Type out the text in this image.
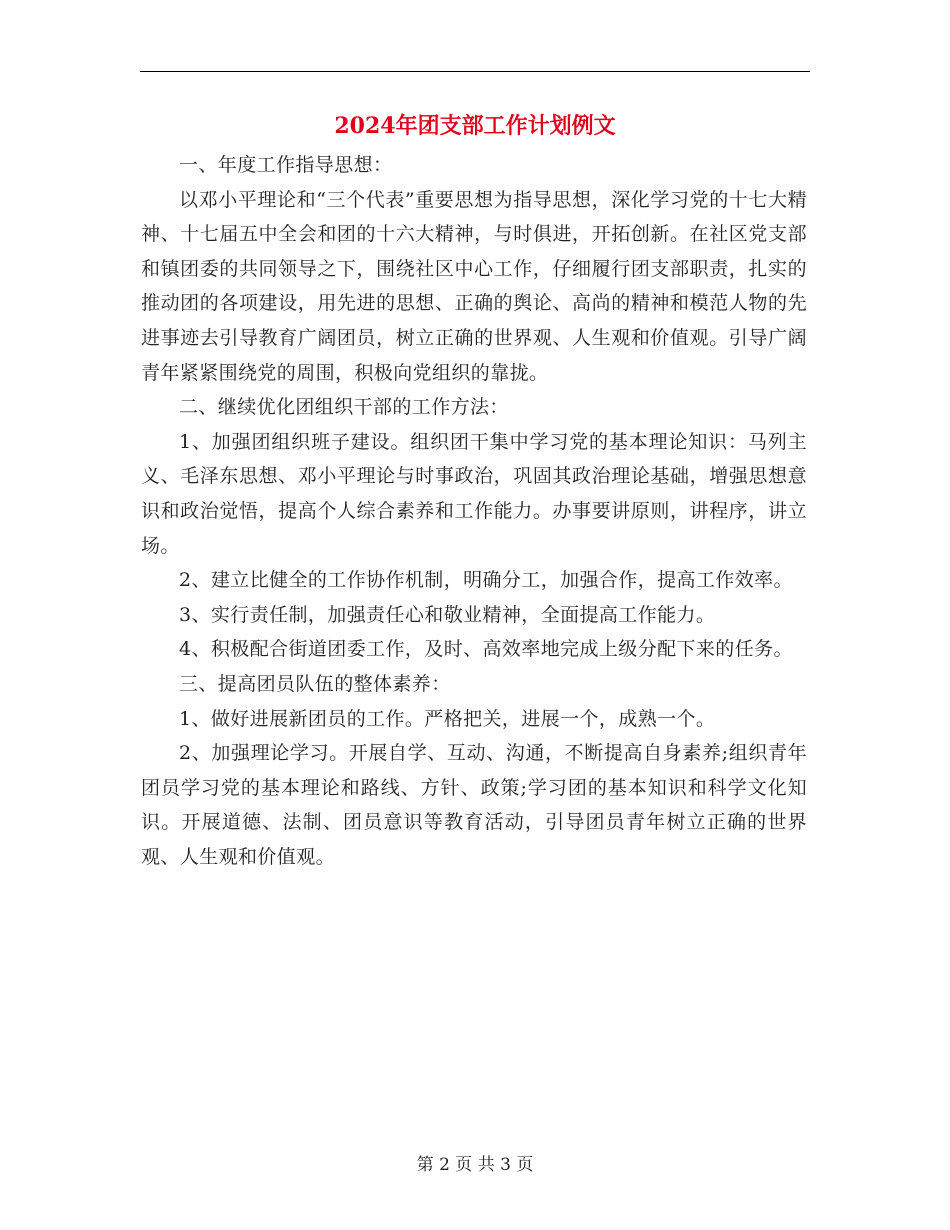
2024年团支部工作计划例文

一、年度工作指导思想：

以邓小平理论和“三个代表”重要思想为指导思想，深化学习党的十七大精神、十七届五中全会和团的十六大精神，与时俱进，开拓创新。在社区党支部和镇团委的共同领导之下，围绕社区中心工作，仔细履行团支部职责，扎实的推动团的各项建设，用先进的思想、正确的舆论、高尚的精神和模范人物的先进事迹去引导教育广阔团员，树立正确的世界观、人生观和价值观。引导广阔青年紧紧围绕党的周围，积极向党组织的靠拢。

二、继续优化团组织干部的工作方法：

1、加强团组织班子建设。组织团干集中学习党的基本理论知识：马列主义、毛泽东思想、邓小平理论与时事政治，巩固其政治理论基础，增强思想意识和政治觉悟，提高个人综合素养和工作能力。办事要讲原则，讲程序，讲立场。

2、建立比健全的工作协作机制，明确分工，加强合作，提高工作效率。

3、实行责任制，加强责任心和敬业精神，全面提高工作能力。

4、积极配合街道团委工作，及时、高效率地完成上级分配下来的任务。

三、提高团员队伍的整体素养：

1、做好进展新团员的工作。严格把关，进展一个，成熟一个。

2、加强理论学习。开展自学、互动、沟通，不断提高自身素养;组织青年团员学习党的基本理论和路线、方针、政策;学习团的基本知识和科学文化知识。开展道德、法制、团员意识等教育活动，引导团员青年树立正确的世界观、人生观和价值观。

第 2 页 共 3 页
